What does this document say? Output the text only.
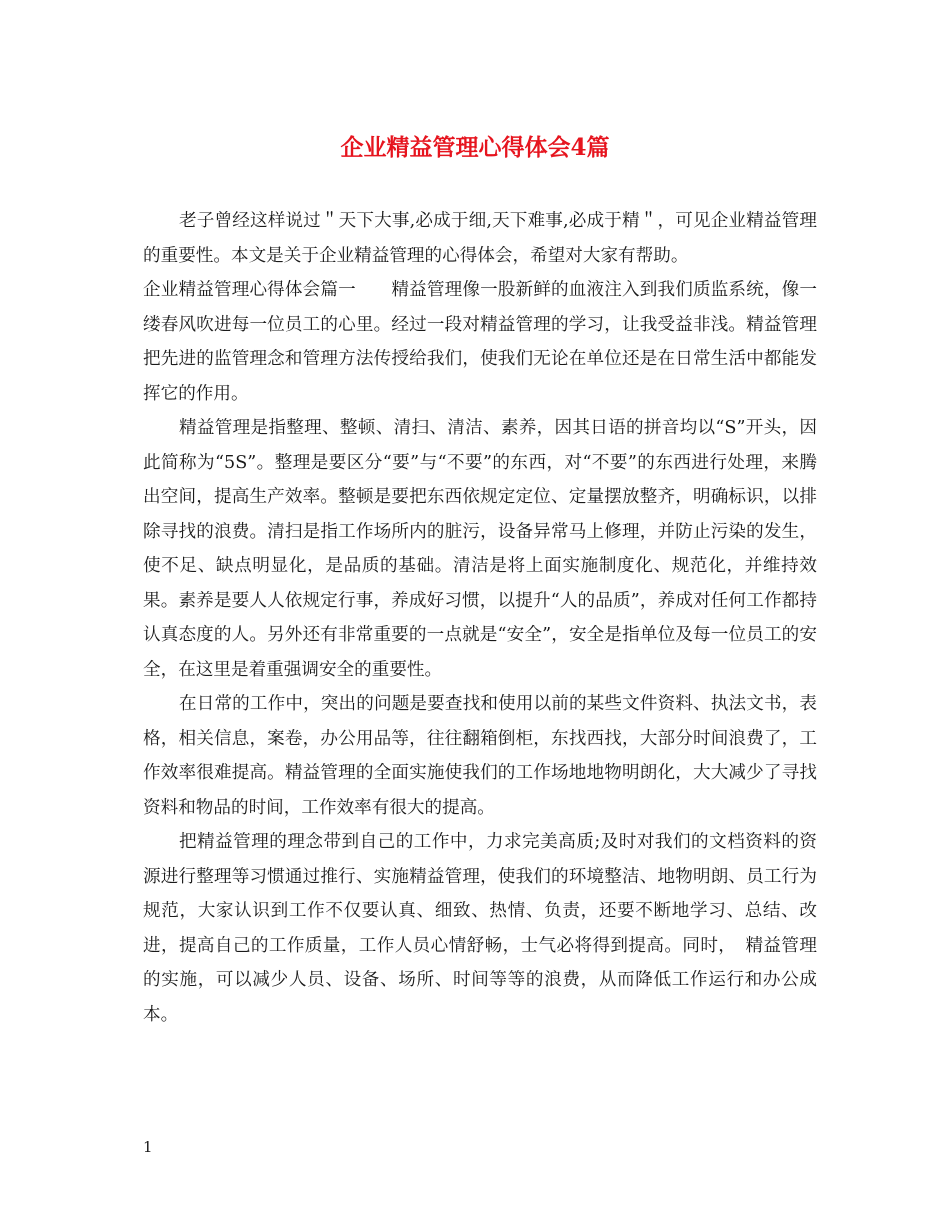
企业精益管理心得体会4篇

老子曾经这样说过＂天下大事,必成于细,天下难事,必成于精＂，可见企业精益管理的重要性。本文是关于企业精益管理的心得体会，希望对大家有帮助。

企业精益管理心得体会篇一　　精益管理像一股新鲜的血液注入到我们质监系统，像一缕春风吹进每一位员工的心里。经过一段对精益管理的学习，让我受益非浅。精益管理把先进的监管理念和管理方法传授给我们，使我们无论在单位还是在日常生活中都能发挥它的作用。

精益管理是指整理、整顿、清扫、清洁、素养，因其日语的拼音均以“S”开头，因此简称为“5S”。整理是要区分“要”与“不要”的东西，对“不要”的东西进行处理，来腾出空间，提高生产效率。整顿是要把东西依规定定位、定量摆放整齐，明确标识，以排除寻找的浪费。清扫是指工作场所内的脏污，设备异常马上修理，并防止污染的发生，使不足、缺点明显化，是品质的基础。清洁是将上面实施制度化、规范化，并维持效果。素养是要人人依规定行事，养成好习惯，以提升“人的品质”，养成对任何工作都持认真态度的人。另外还有非常重要的一点就是“安全”，安全是指单位及每一位员工的安全，在这里是着重强调安全的重要性。

在日常的工作中，突出的问题是要查找和使用以前的某些文件资料、执法文书，表格，相关信息，案卷，办公用品等，往往翻箱倒柜，东找西找，大部分时间浪费了，工作效率很难提高。精益管理的全面实施使我们的工作场地地物明朗化，大大减少了寻找资料和物品的时间，工作效率有很大的提高。

把精益管理的理念带到自己的工作中，力求完美高质;及时对我们的文档资料的资源进行整理等习惯通过推行、实施精益管理，使我们的环境整洁、地物明朗、员工行为规范，大家认识到工作不仅要认真、细致、热情、负责，还要不断地学习、总结、改进，提高自己的工作质量，工作人员心情舒畅，士气必将得到提高。同时，　精益管理的实施，可以减少人员、设备、场所、时间等等的浪费，从而降低工作运行和办公成本。

1
